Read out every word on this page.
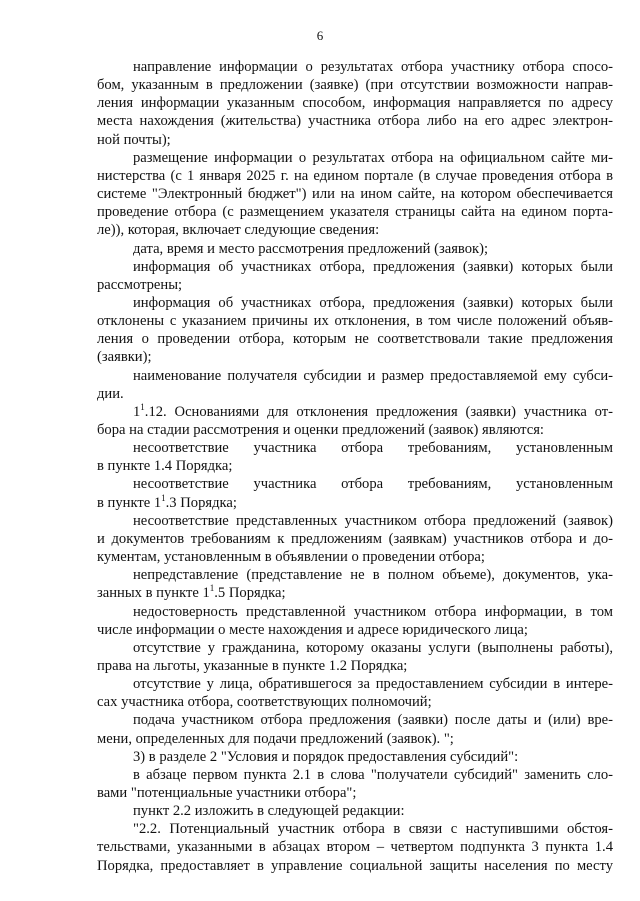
6
направление информации о результатах отбора участнику отбора спосо-
бом, указанным в предложении (заявке) (при отсутствии возможности направ-
ления информации указанным способом, информация направляется по адресу
места нахождения (жительства) участника отбора либо на его адрес электрон-
ной почты);
размещение информации о результатах отбора на официальном сайте ми-
нистерства (с 1 января 2025 г. на едином портале (в случае проведения отбора в
системе "Электронный бюджет") или на ином сайте, на котором обеспечивается
проведение отбора (с размещением указателя страницы сайта на едином порта-
ле)), которая, включает следующие сведения:
дата, время и место рассмотрения предложений (заявок);
информация об участниках отбора, предложения (заявки) которых были
рассмотрены;
информация об участниках отбора, предложения (заявки) которых были
отклонены с указанием причины их отклонения, в том числе положений объяв-
ления о проведении отбора, которым не соответствовали такие предложения
(заявки);
наименование получателя субсидии и размер предоставляемой ему субси-
дии.
$1^1.12$. Основаниями для отклонения предложения (заявки) участника от-
бора на стадии рассмотрения и оценки предложений (заявок) являются:
несоответствие участника отбора требованиям, установленным
в пункте 1.4 Порядка;
несоответствие участника отбора требованиям, установленным
в пункте $1^1.3$ Порядка;
несоответствие представленных участником отбора предложений (заявок)
и документов требованиям к предложениям (заявкам) участников отбора и до-
кументам, установленным в объявлении о проведении отбора;
непредставление (представление не в полном объеме), документов, ука-
занных в пункте $1^1.5$ Порядка;
недостоверность представленной участником отбора информации, в том
числе информации о месте нахождения и адресе юридического лица;
отсутствие у гражданина, которому оказаны услуги (выполнены работы),
права на льготы, указанные в пункте 1.2 Порядка;
отсутствие у лица, обратившегося за предоставлением субсидии в интере-
сах участника отбора, соответствующих полномочий;
подача участником отбора предложения (заявки) после даты и (или) вре-
мени, определенных для подачи предложений (заявок). ";
3) в разделе 2 "Условия и порядок предоставления субсидий":
в абзаце первом пункта 2.1 в слова "получатели субсидий" заменить сло-
вами "потенциальные участники отбора";
пункт 2.2 изложить в следующей редакции:
"2.2. Потенциальный участник отбора в связи с наступившими обстоя-
тельствами, указанными в абзацах втором – четвертом подпункта 3 пункта 1.4
Порядка, предоставляет в управление социальной защиты населения по месту
